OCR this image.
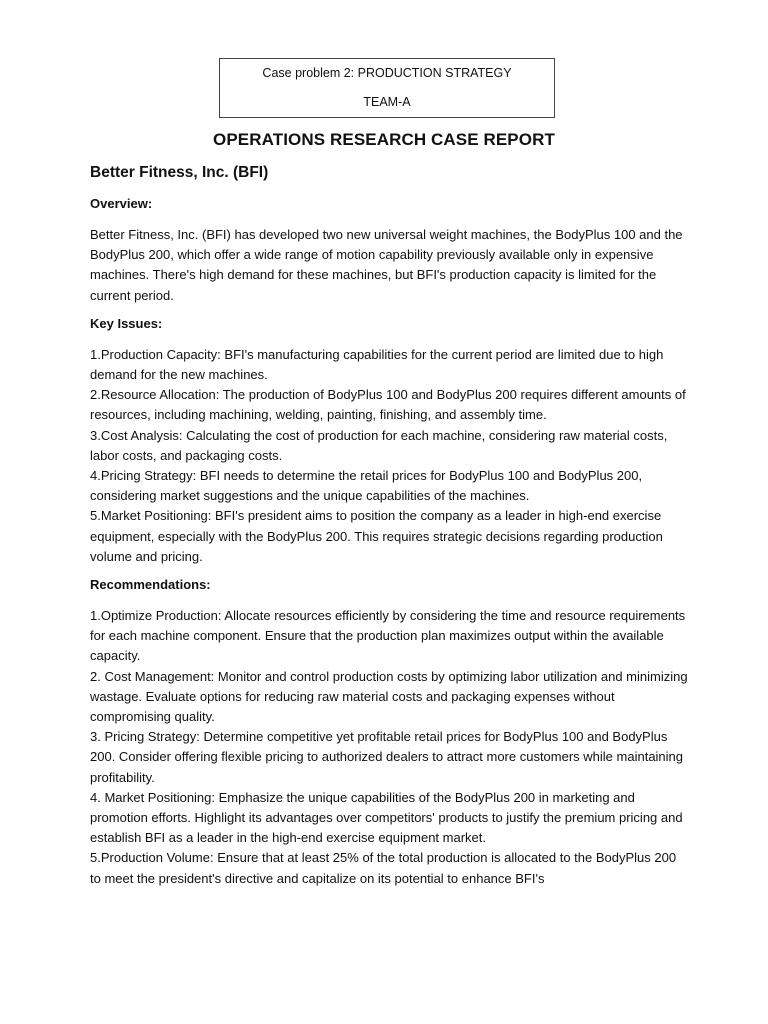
Case problem 2: PRODUCTION STRATEGY
TEAM-A
OPERATIONS RESEARCH CASE REPORT

Better Fitness, Inc. (BFI)

Overview:

Better Fitness, Inc. (BFI) has developed two new universal weight machines, the BodyPlus 100 and the BodyPlus 200, which offer a wide range of motion capability previously available only in expensive machines. There's high demand for these machines, but BFI's production capacity is limited for the current period.

Key Issues:

1.Production Capacity: BFI's manufacturing capabilities for the current period are limited due to high demand for the new machines.
2.Resource Allocation: The production of BodyPlus 100 and BodyPlus 200 requires different amounts of resources, including machining, welding, painting, finishing, and assembly time.
3.Cost Analysis: Calculating the cost of production for each machine, considering raw material costs, labor costs, and packaging costs.
4.Pricing Strategy: BFI needs to determine the retail prices for BodyPlus 100 and BodyPlus 200, considering market suggestions and the unique capabilities of the machines.
5.Market Positioning: BFI's president aims to position the company as a leader in high-end exercise equipment, especially with the BodyPlus 200. This requires strategic decisions regarding production volume and pricing.

Recommendations:

1.Optimize Production: Allocate resources efficiently by considering the time and resource requirements for each machine component. Ensure that the production plan maximizes output within the available capacity.
2. Cost Management: Monitor and control production costs by optimizing labor utilization and minimizing wastage. Evaluate options for reducing raw material costs and packaging expenses without compromising quality.
3. Pricing Strategy: Determine competitive yet profitable retail prices for BodyPlus 100 and BodyPlus 200. Consider offering flexible pricing to authorized dealers to attract more customers while maintaining profitability.
4. Market Positioning: Emphasize the unique capabilities of the BodyPlus 200 in marketing and promotion efforts. Highlight its advantages over competitors' products to justify the premium pricing and establish BFI as a leader in the high-end exercise equipment market.
5.Production Volume: Ensure that at least 25% of the total production is allocated to the BodyPlus 200 to meet the president's directive and capitalize on its potential to enhance BFI's
